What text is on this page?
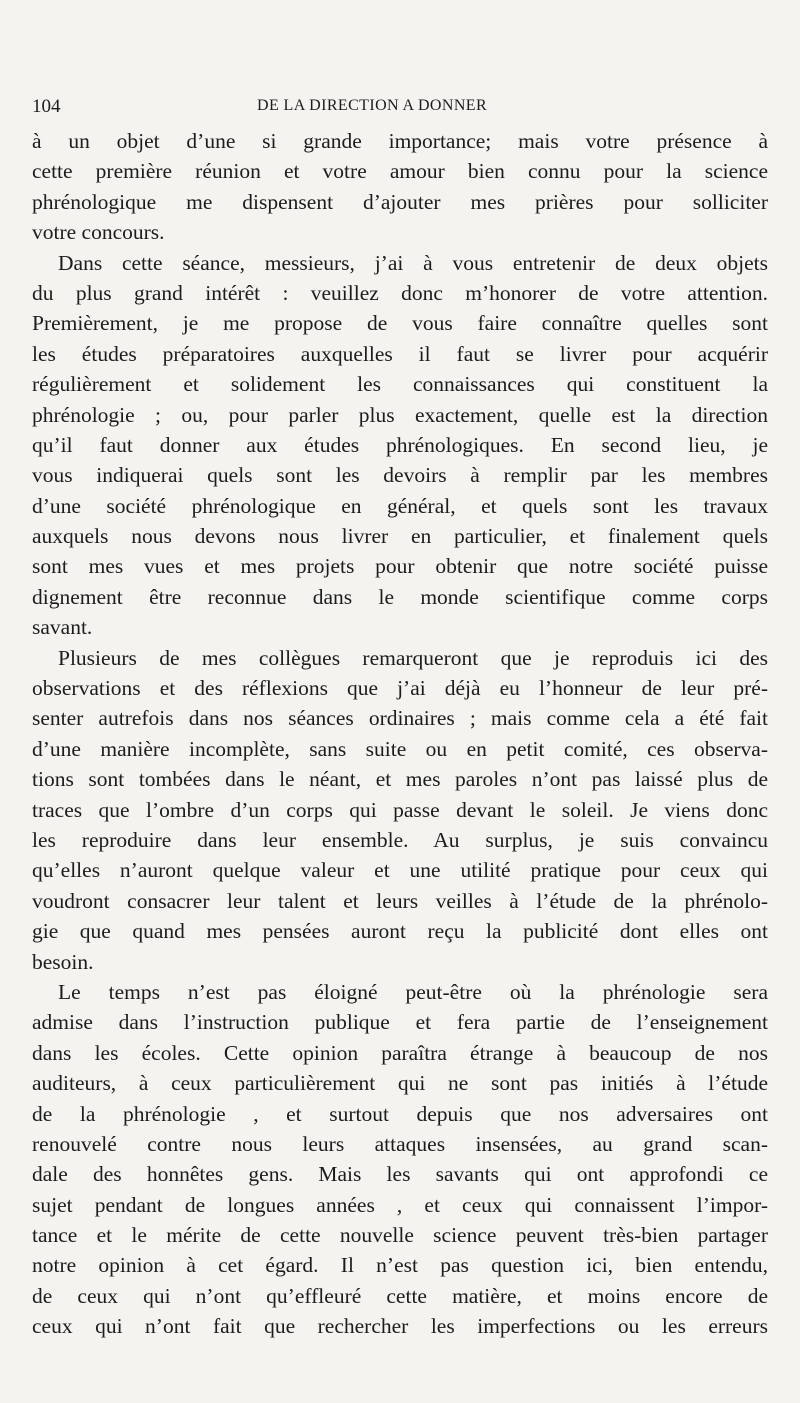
104	DE LA DIRECTION A DONNER
à un objet d’une si grande importance; mais votre présence à
cette première réunion et votre amour bien connu pour la science
phrénologique me dispensent d’ajouter mes prières pour solliciter
votre concours.
Dans cette séance, messieurs, j’ai à vous entretenir de deux objets
du plus grand intérêt : veuillez donc m’honorer de votre attention.
Premièrement, je me propose de vous faire connaître quelles sont
les études préparatoires auxquelles il faut se livrer pour acquérir
régulièrement et solidement les connaissances qui constituent la
phrénologie ; ou, pour parler plus exactement, quelle est la direction
qu’il faut donner aux études phrénologiques. En second lieu, je
vous indiquerai quels sont les devoirs à remplir par les membres
d’une société phrénologique en général, et quels sont les travaux
auxquels nous devons nous livrer en particulier, et finalement quels
sont mes vues et mes projets pour obtenir que notre société puisse
dignement être reconnue dans le monde scientifique comme corps
savant.
Plusieurs de mes collègues remarqueront que je reproduis ici des
observations et des réflexions que j’ai déjà eu l’honneur de leur pré-
senter autrefois dans nos séances ordinaires ; mais comme cela a été fait
d’une manière incomplète, sans suite ou en petit comité, ces observa-
tions sont tombées dans le néant, et mes paroles n’ont pas laissé plus de
traces que l’ombre d’un corps qui passe devant le soleil. Je viens donc
les reproduire dans leur ensemble. Au surplus, je suis convaincu
qu’elles n’auront quelque valeur et une utilité pratique pour ceux qui
voudront consacrer leur talent et leurs veilles à l’étude de la phrénolo-
gie que quand mes pensées auront reçu la publicité dont elles ont
besoin.
Le temps n’est pas éloigné peut-être où la phrénologie sera
admise dans l’instruction publique et fera partie de l’enseignement
dans les écoles. Cette opinion paraîtra étrange à beaucoup de nos
auditeurs, à ceux particulièrement qui ne sont pas initiés à l’étude
de la phrénologie , et surtout depuis que nos adversaires ont
renouvelé contre nous leurs attaques insensées, au grand scan-
dale des honnêtes gens. Mais les savants qui ont approfondi ce
sujet pendant de longues années , et ceux qui connaissent l’impor-
tance et le mérite de cette nouvelle science peuvent très-bien partager
notre opinion à cet égard. Il n’est pas question ici, bien entendu,
de ceux qui n’ont qu’effleuré cette matière, et moins encore de
ceux qui n’ont fait que rechercher les imperfections ou les erreurs
